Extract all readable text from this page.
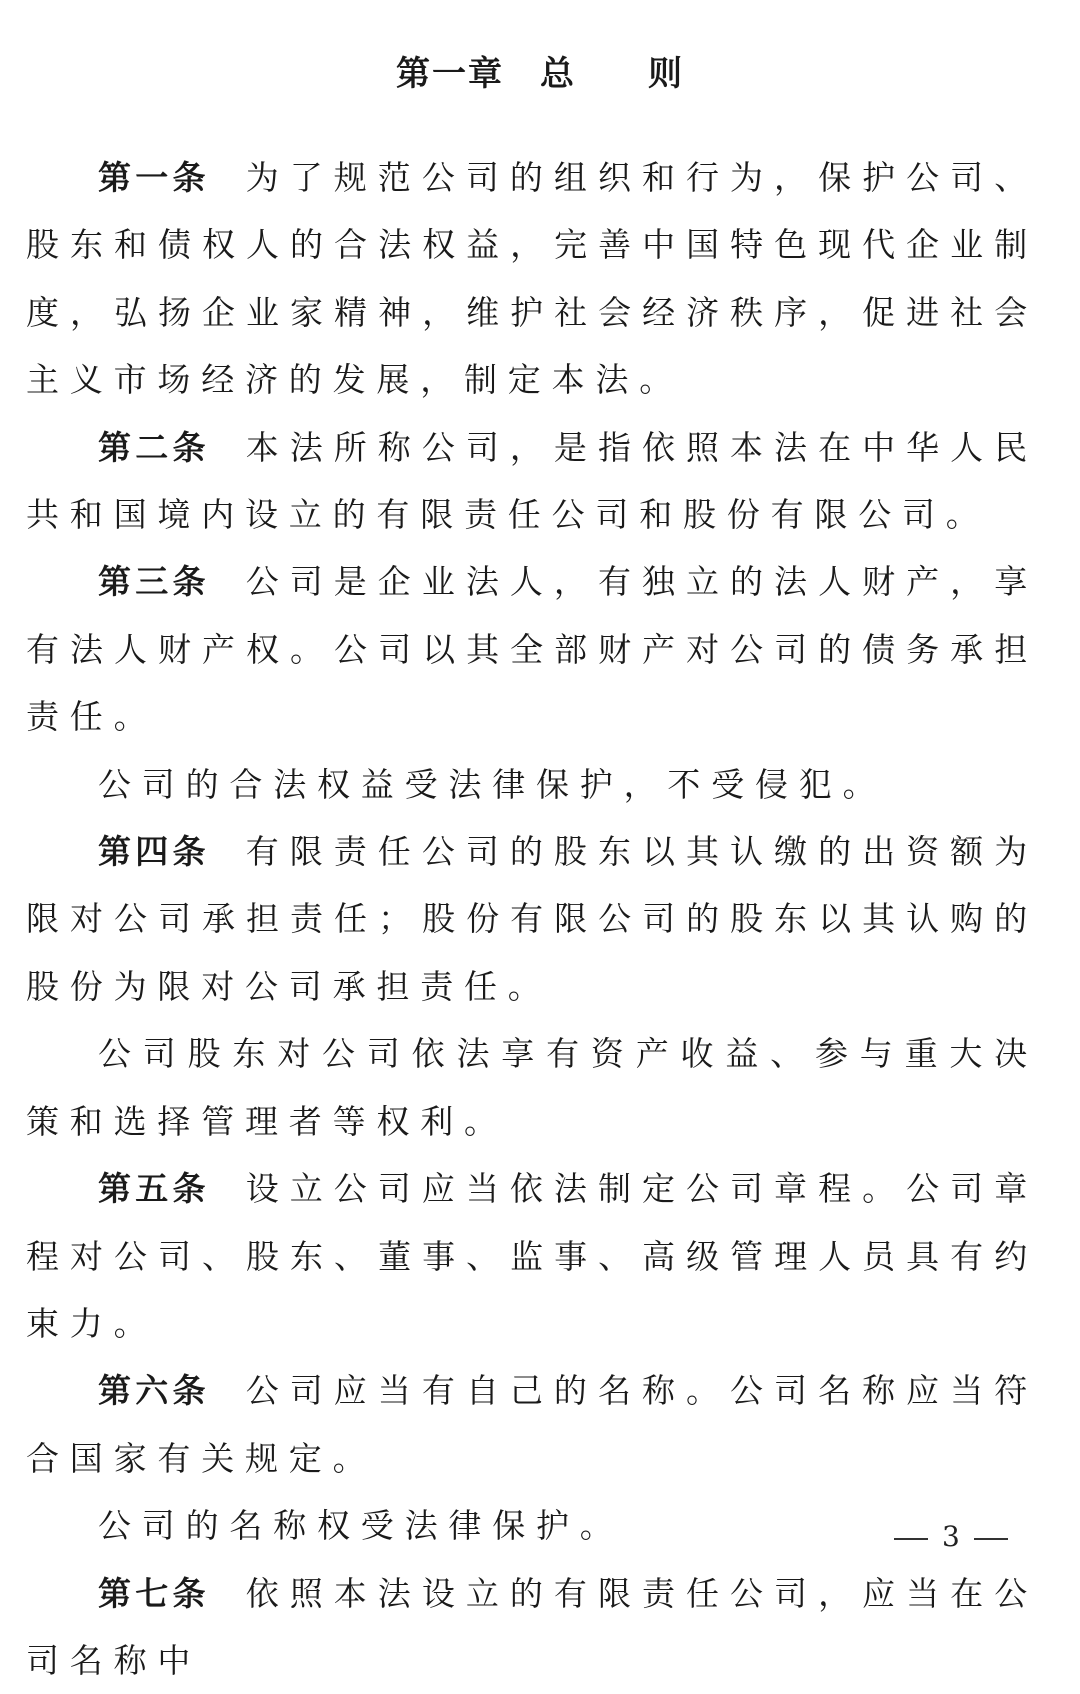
第一章　总　　则

第一条 为了规范公司的组织和行为，保护公司、股东和债权人的合法权益，完善中国特色现代企业制度，弘扬企业家精神，维护社会经济秩序，促进社会主义市场经济的发展，制定本法。

第二条 本法所称公司，是指依照本法在中华人民共和国境内设立的有限责任公司和股份有限公司。

第三条 公司是企业法人，有独立的法人财产，享有法人财产权。公司以其全部财产对公司的债务承担责任。

公司的合法权益受法律保护，不受侵犯。

第四条 有限责任公司的股东以其认缴的出资额为限对公司承担责任；股份有限公司的股东以其认购的股份为限对公司承担责任。

公司股东对公司依法享有资产收益、参与重大决策和选择管理者等权利。

第五条 设立公司应当依法制定公司章程。公司章程对公司、股东、董事、监事、高级管理人员具有约束力。

第六条 公司应当有自己的名称。公司名称应当符合国家有关规定。

公司的名称权受法律保护。

第七条 依照本法设立的有限责任公司，应当在公司名称中

3
